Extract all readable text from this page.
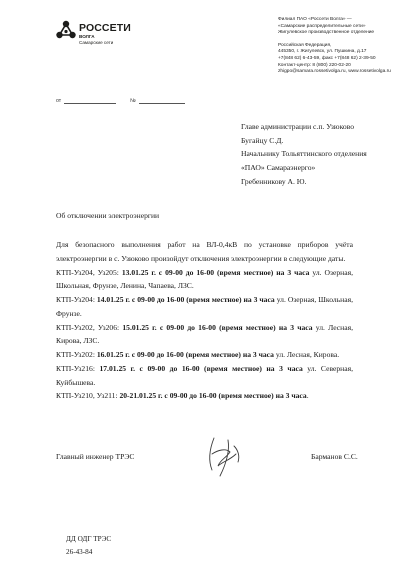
РОССЕТИ
ВОЛГА
Самарские сети
Филиал ПАО «Россети Волга» —
«Самарские распределительные сети»
Жигулевское производственное отделение
Российская Федерация,
445350, г. Жигулевск, ул. Пушкина, д.17
+7(848 62) 6-43-59, факс +7(848 62) 2-39-50
Контакт-центр: 8 (800) 220-02-20
zhigpo@samara.rossetivolga.ru, www.rossetivolga.ru
от	№
Главе администрации с.п. Узюково
Бугайцу С.Д.
Начальнику Тольяттинского отделения
«ПАО» Самараэнерго»
Гребенникову А. Ю.
Об отключении электроэнергии

Для безопасного выполнения работ на ВЛ-0,4кВ по установке приборов учёта электроэнергии в с. Узюково произойдут отключения электроэнергии в следующие даты.

КТП-Уз204, Уз205: 13.01.25 г. с 09-00 до 16-00 (время местное) на 3 часа ул. Озерная, Школьная, Фрунзе, Ленина, Чапаева, ЛЗС.

КТП-Уз204: 14.01.25 г. с 09-00 до 16-00 (время местное) на 3 часа ул. Озерная, Школьная, Фрунзе.

КТП-Уз202, Уз206: 15.01.25 г. с 09-00 до 16-00 (время местное) на 3 часа ул. Лесная, Кирова, ЛЗС.

КТП-Уз202: 16.01.25 г. с 09-00 до 16-00 (время местное) на 3 часа ул. Лесная, Кирова.

КТП-Уз216: 17.01.25 г. с 09-00 до 16-00 (время местное) на 3 часа ул. Северная, Куйбышева.

КТП-Уз210, Уз211: 20-21.01.25 г. с 09-00 до 16-00 (время местное) на 3 часа.

Главный инженер ТРЭС	Барманов С.С.
ДД ОДГ ТРЭС
26-43-84
